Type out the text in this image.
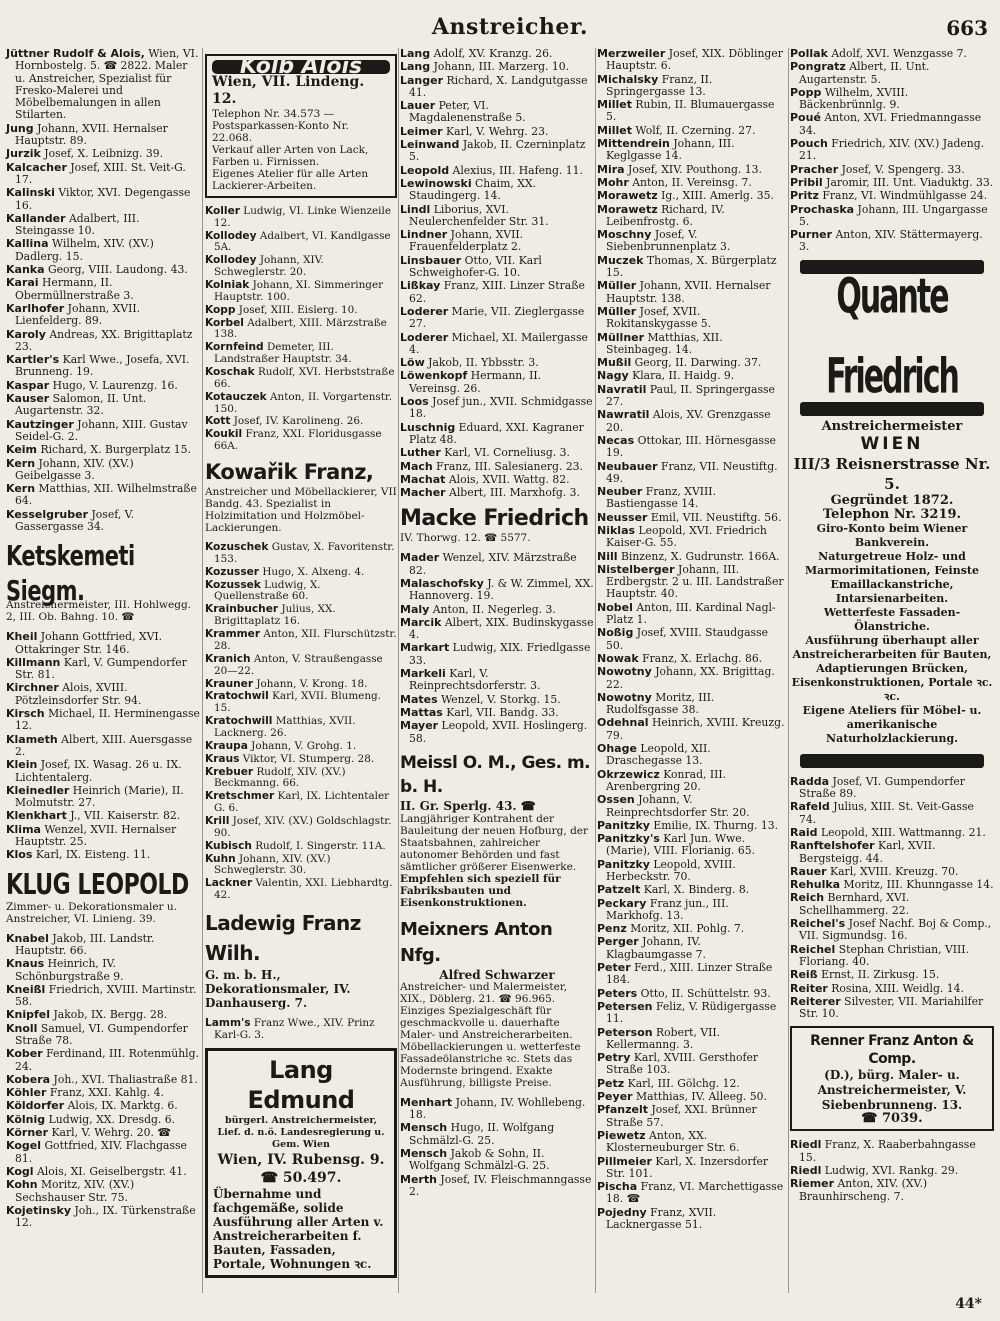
Anstreicher.	663
Jüttner Rudolf & Alois, Wien, VI. Hornbostelg. 5. ☎ 2822. Maler u. Anstreicher, Spezialist für Fresko-Malerei und Möbelbemalungen in allen Stilarten.
Jung Johann, XVII. Hernalser Hauptstr. 89.
Jurzik Josef, X. Leibnizg. 39.
Kalcacher Josef, XIII. St. Veit-G. 17.
Kalinski Viktor, XVI. Degengasse 16.
Kallander Adalbert, III. Steingasse 10.
Kallina Wilhelm, XIV. (XV.) Dadlerg. 15.
Kanka Georg, VIII. Laudong. 43.
Karai Hermann, II. Obermüllnerstraße 3.
Karlhofer Johann, XVII. Lienfelderg. 89.
Karoly Andreas, XX. Brigittaplatz 23.
Kartler's Karl Wwe., Josefa, XVI. Brunneng. 19.
Kaspar Hugo, V. Laurenzg. 16.
Kauser Salomon, II. Unt. Augartenstr. 32.
Kautzinger Johann, XIII. Gustav Seidel-G. 2.
Keim Richard, X. Burgerplatz 15.
Kern Johann, XIV. (XV.) Geibelgasse 3.
Kern Matthias, XII. Wilhelmstraße 64.
Kesselgruber Josef, V. Gassergasse 34.
Ketskemeti Siegm.
Anstreichermeister, III. Hohlwegg. 2, III. Ob. Bahng. 10. ☎
Kheil Johann Gottfried, XVI. Ottakringer Str. 146.
Killmann Karl, V. Gumpendorfer Str. 81.
Kirchner Alois, XVIII. Pötzleinsdorfer Str. 94.
Kirsch Michael, II. Herminengasse 12.
Klameth Albert, XIII. Auersgasse 2.
Klein Josef, IX. Wasag. 26 u. IX. Lichtentalerg.
Kleinedler Heinrich (Marie), II. Molmutstr. 27.
Klenkhart J., VII. Kaiserstr. 82.
Klima Wenzel, XVII. Hernalser Hauptstr. 25.
Klos Karl, IX. Eisteng. 11.
KLUG LEOPOLD
Zimmer- u. Dekorationsmaler u. Anstreicher, VI. Linieng. 39.
Knabel Jakob, III. Landstr. Hauptstr. 66.
Knaus Heinrich, IV. Schönburgstraße 9.
Kneißl Friedrich, XVIII. Martinstr. 58.
Knipfel Jakob, IX. Bergg. 28.
Knoll Samuel, VI. Gumpendorfer Straße 78.
Kober Ferdinand, III. Rotenmühlg. 24.
Kobera Joh., XVI. Thaliastraße 81.
Köhler Franz, XXI. Kahlg. 4.
Köldorfer Alois, IX. Marktg. 6.
Kölnig Ludwig, XX. Dresdg. 6.
Körner Karl, V. Wehrg. 20. ☎
Kogel Gottfried, XIV. Flachgasse 81.
Kogl Alois, XI. Geiselbergstr. 41.
Kohn Moritz, XIV. (XV.) Sechshauser Str. 75.
Kojetinsky Joh., IX. Türkenstraße 12.
Kolb Alois
Wien, VII. Lindeng. 12.
Telephon Nr. 34.573 — Postsparkassen-Konto Nr. 22.068.
Verkauf aller Arten von Lack, Farben u. Firnissen.
Eigenes Atelier für alle Arten Lackierer-Arbeiten.
Koller Ludwig, VI. Linke Wienzeile 12.
Kollodey Adalbert, VI. Kandlgasse 5A.
Kollodey Johann, XIV. Schweglerstr. 20.
Kolniak Johann, XI. Simmeringer Hauptstr. 100.
Kopp Josef, XIII. Eislerg. 10.
Korbel Adalbert, XIII. Märzstraße 138.
Kornfeind Demeter, III. Landstraßer Hauptstr. 34.
Koschak Rudolf, XVI. Herbststraße 66.
Kotauczek Anton, II. Vorgartenstr. 150.
Kott Josef, IV. Karolineng. 26.
Koukil Franz, XXI. Floridusgasse 66A.
Kowařik Franz,
Anstreicher und Möbellackierer, VII Bandg. 43. Spezialist in Holzimitation und Holzmöbel-Lackierungen.
Kozuschek Gustav, X. Favoritenstr. 153.
Kozusser Hugo, X. Alxeng. 4.
Kozussek Ludwig, X. Quellenstraße 60.
Krainbucher Julius, XX. Brigittaplatz 16.
Krammer Anton, XII. Flurschützstr. 28.
Kranich Anton, V. Straußengasse 20—22.
Krauner Johann, V. Krong. 18.
Kratochwil Karl, XVII. Blumeng. 15.
Kratochwill Matthias, XVII. Lacknerg. 26.
Kraupa Johann, V. Grohg. 1.
Kraus Viktor, VI. Stumperg. 28.
Krebuer Rudolf, XIV. (XV.) Beckmanng. 66.
Kretschmer Karl, IX. Lichtentaler G. 6.
Krill Josef, XIV. (XV.) Goldschlagstr. 90.
Kubisch Rudolf, I. Singerstr. 11A.
Kuhn Johann, XIV. (XV.) Schweglerstr. 30.
Lackner Valentin, XXI. Liebhardtg. 42.
Ladewig Franz Wilh.
G. m. b. H., Dekorationsmaler, IV. Danhauserg. 7.
Lamm's Franz Wwe., XIV. Prinz Karl-G. 3.
Lang Edmund
bürgerl. Anstreichermeister, Lief. d. n.ö. Landesregierung u. Gem. Wien
Wien, IV. Rubensg. 9.
☎ 50.497.
Übernahme und fachgemäße, solide Ausführung aller Arten v. Anstreicherarbeiten f. Bauten, Fassaden, Portale, Wohnungen ꝛc.
Lang Adolf, XV. Kranzg. 26.
Lang Johann, III. Marzerg. 10.
Langer Richard, X. Landgutgasse 41.
Lauer Peter, VI. Magdalenenstraße 5.
Leimer Karl, V. Wehrg. 23.
Leinwand Jakob, II. Czerninplatz 5.
Leopold Alexius, III. Hafeng. 11.
Lewinowski Chaim, XX. Staudingerg. 14.
Lindl Liborius, XVI. Neulerchenfelder Str. 31.
Lindner Johann, XVII. Frauenfelderplatz 2.
Linsbauer Otto, VII. Karl Schweighofer-G. 10.
Lißkay Franz, XIII. Linzer Straße 62.
Loderer Marie, VII. Zieglergasse 27.
Loderer Michael, XI. Mailergasse 4.
Löw Jakob, II. Ybbsstr. 3.
Löwenkopf Hermann, II. Vereinsg. 26.
Loos Josef jun., XVII. Schmidgasse 18.
Luschnig Eduard, XXI. Kagraner Platz 48.
Luther Karl, VI. Corneliusg. 3.
Mach Franz, III. Salesianerg. 23.
Machat Alois, XVII. Wattg. 82.
Macher Albert, III. Marxhofg. 3.
Macke Friedrich
IV. Thorwg. 12. ☎ 5577.
Mader Wenzel, XIV. Märzstraße 82.
Malaschofsky J. & W. Zimmel, XX. Hannoverg. 19.
Maly Anton, II. Negerleg. 3.
Marcik Albert, XIX. Budinskygasse 4.
Markart Ludwig, XIX. Friedlgasse 33.
Markeli Karl, V. Reinprechtsdorferstr. 3.
Mates Wenzel, V. Storkg. 15.
Mattas Karl, VII. Bandg. 33.
Mayer Leopold, XVII. Hoslingerg. 58.
Meissl O. M., Ges. m. b. H.
II. Gr. Sperlg. 43. ☎
Langjähriger Kontrahent der Bauleitung der neuen Hofburg, der Staatsbahnen, zahlreicher autonomer Behörden und fast sämtlicher größerer Eisenwerke.
Empfehlen sich speziell für Fabriksbauten und Eisenkonstruktionen.
Meixners Anton Nfg.
Alfred Schwarzer
Anstreicher- und Malermeister, XIX., Döblerg. 21. ☎ 96.965.
Einziges Spezialgeschäft für geschmackvolle u. dauerhafte Maler- und Anstreicherarbeiten. Möbellackierungen u. wetterfeste Fassadeölanstriche ꝛc. Stets das Modernste bringend. Exakte Ausführung, billigste Preise.
Menhart Johann, IV. Wohllebeng. 18.
Mensch Hugo, II. Wolfgang Schmälzl-G. 25.
Mensch Jakob & Sohn, II. Wolfgang Schmälzl-G. 25.
Merth Josef, IV. Fleischmanngasse 2.
Merzweiler Josef, XIX. Döblinger Hauptstr. 6.
Michalsky Franz, II. Springergasse 13.
Millet Rubin, II. Blumauergasse 5.
Millet Wolf, II. Czerning. 27.
Mittendrein Johann, III. Keglgasse 14.
Mira Josef, XIV. Pouthong. 13.
Mohr Anton, II. Vereinsg. 7.
Morawetz Ig., XIII. Amerlg. 35.
Morawetz Richard, IV. Leibenfrostg. 6.
Moschny Josef, V. Siebenbrunnenplatz 3.
Muczek Thomas, X. Bürgerplatz 15.
Müller Johann, XVII. Hernalser Hauptstr. 138.
Müller Josef, XVII. Rokitanskygasse 5.
Müllner Matthias, XII. Steinbageg. 14.
Mußil Georg, II. Darwing. 37.
Nagy Klara, II. Haidg. 9.
Navratil Paul, II. Springergasse 27.
Nawratil Alois, XV. Grenzgasse 20.
Necas Ottokar, III. Hörnesgasse 19.
Neubauer Franz, VII. Neustiftg. 49.
Neuber Franz, XVIII. Bastiengasse 14.
Neusser Emil, VII. Neustiftg. 56.
Niklas Leopold, XVI. Friedrich Kaiser-G. 55.
Nill Binzenz, X. Gudrunstr. 166A.
Nistelberger Johann, III. Erdbergstr. 2 u. III. Landstraßer Hauptstr. 40.
Nobel Anton, III. Kardinal Nagl-Platz 1.
Noßig Josef, XVIII. Staudgasse 50.
Nowak Franz, X. Erlachg. 86.
Nowotny Johann, XX. Brigittag. 22.
Nowotny Moritz, III. Rudolfsgasse 38.
Odehnal Heinrich, XVIII. Kreuzg. 79.
Ohage Leopold, XII. Draschegasse 13.
Okrzewicz Konrad, III. Arenbergring 20.
Ossen Johann, V. Reinprechtsdorfer Str. 20.
Panitzky Emilie, IX. Thurng. 13.
Panitzky's Karl Jun. Wwe. (Marie), VIII. Florianig. 65.
Panitzky Leopold, XVIII. Herbeckstr. 70.
Patzelt Karl, X. Binderg. 8.
Peckary Franz jun., III. Markhofg. 13.
Penz Moritz, XII. Pohlg. 7.
Perger Johann, IV. Klagbaumgasse 7.
Peter Ferd., XIII. Linzer Straße 184.
Peters Otto, II. Schüttelstr. 93.
Petersen Feliz, V. Rüdigergasse 11.
Peterson Robert, VII. Kellermanng. 3.
Petry Karl, XVIII. Gersthofer Straße 103.
Petz Karl, III. Gölchg. 12.
Peyer Matthias, IV. Alleeg. 50.
Pfanzelt Josef, XXI. Brünner Straße 57.
Piewetz Anton, XX. Klosterneuburger Str. 6.
Pillmeier Karl, X. Inzersdorfer Str. 101.
Pischa Franz, VI. Marchettigasse 18. ☎
Pojedny Franz, XVII. Lacknergasse 51.
Pollak Adolf, XVI. Wenzgasse 7.
Pongratz Albert, II. Unt. Augartenstr. 5.
Popp Wilhelm, XVIII. Bäckenbrünnlg. 9.
Poué Anton, XVI. Friedmanngasse 34.
Pouch Friedrich, XIV. (XV.) Jadeng. 21.
Pracher Josef, V. Spengerg. 33.
Pribil Jaromir, III. Unt. Viaduktg. 33.
Pritz Franz, VI. Windmühlgasse 24.
Prochaska Johann, III. Ungargasse 5.
Purner Anton, XIV. Stättermayerg. 3.
Quante Friedrich
Anstreichermeister
WIEN
III/3 Reisnerstrasse Nr. 5.
Gegründet 1872.
Telephon Nr. 3219.
Giro-Konto beim Wiener Bankverein.
Naturgetreue Holz- und Marmorimitationen, Feinste Emaillackanstriche, Intarsienarbeiten.
Wetterfeste Fassaden-Ölanstriche.
Ausführung überhaupt aller Anstreicherarbeiten für Bauten, Adaptierungen Brücken, Eisenkonstruktionen, Portale ꝛc. ꝛc.
Eigene Ateliers für Möbel- u. amerikanische Naturholzlackierung.
Radda Josef, VI. Gumpendorfer Straße 89.
Rafeld Julius, XIII. St. Veit-Gasse 74.
Raid Leopold, XIII. Wattmanng. 21.
Ranftelshofer Karl, XVII. Bergsteigg. 44.
Rauer Karl, XVIII. Kreuzg. 70.
Rehulka Moritz, III. Khunngasse 14.
Reich Bernhard, XVI. Schellhammerg. 22.
Reichel's Josef Nachf. Boj & Comp., VII. Sigmundsg. 16.
Reichel Stephan Christian, VIII. Floriang. 40.
Reiß Ernst, II. Zirkusg. 15.
Reiter Rosina, XIII. Weidlg. 14.
Reiterer Silvester, VII. Mariahilfer Str. 10.
Renner Franz Anton & Comp.
(D.), bürg. Maler- u. Anstreichermeister, V. Siebenbrunneng. 13.
☎ 7039.
Riedl Franz, X. Raaberbahngasse 15.
Riedl Ludwig, XVI. Rankg. 29.
Riemer Anton, XIV. (XV.) Braunhirscheng. 7.
44*
